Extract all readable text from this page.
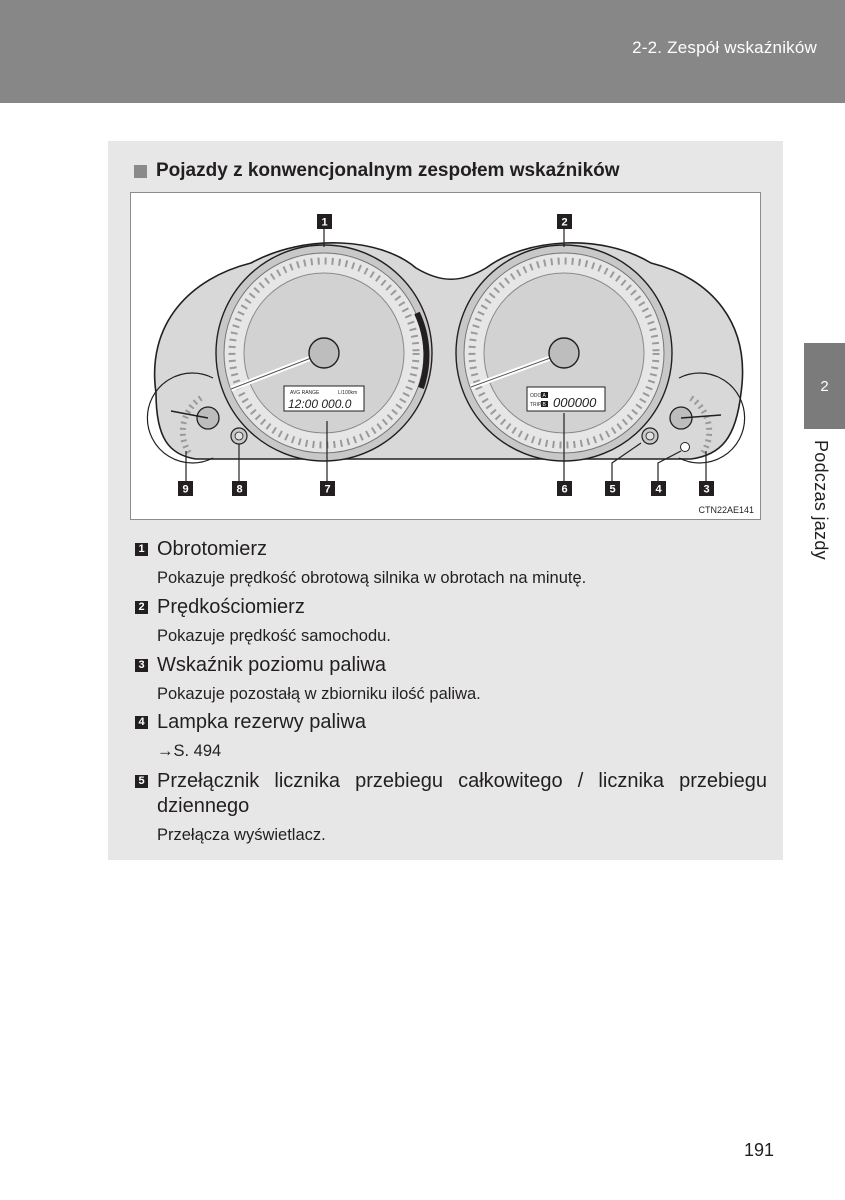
2-2. Zespół wskaźników
2
Podczas jazdy
Pojazdy z konwencjonalnym zespołem wskaźników
AVG RANGE	L/100km
12:00 000.0
ODO A
TRIP B 000000
1	2
9	8	7	6	5	4	3
CTN22AE141
1 Obrotomierz
Pokazuje prędkość obrotową silnika w obrotach na minutę.
2 Prędkościomierz
Pokazuje prędkość samochodu.
3 Wskaźnik poziomu paliwa
Pokazuje pozostałą w zbiorniku ilość paliwa.
4 Lampka rezerwy paliwa
→S. 494
5 Przełącznik licznika przebiegu całkowitego / licznika przebiegu dziennego
Przełącza wyświetlacz.
191
